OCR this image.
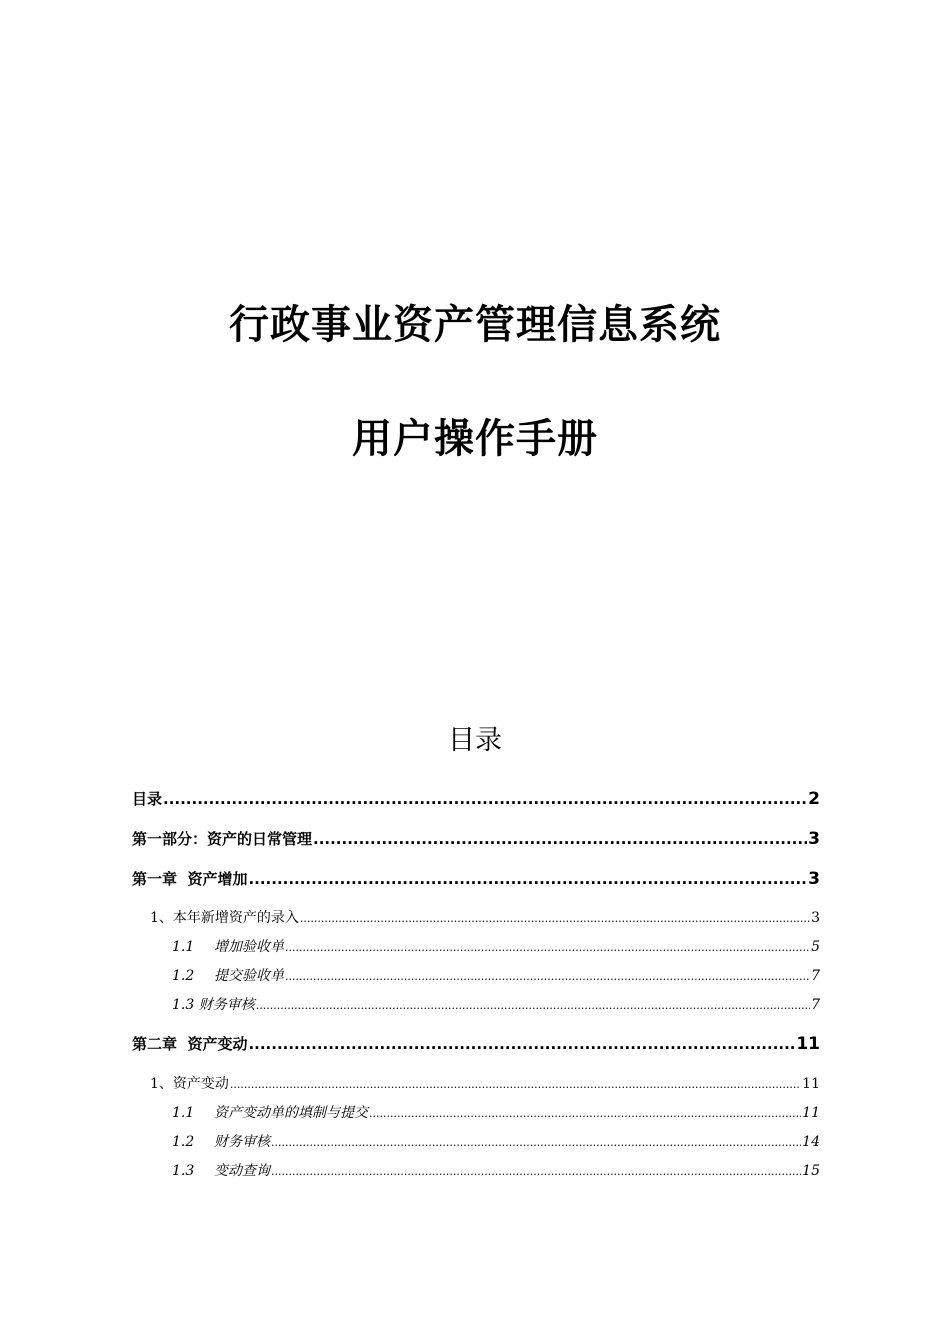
行政事业资产管理信息系统
用户操作手册
目录
目录 .....	2
第一部分：资产的日常管理 .....	3
第一章  资产增加 .....	3
1、本年新增资产的录入 .....	3
1.1	增加验收单 .....	5
1.2	提交验收单 .....	7
1.3 财务审核 .....	7
第二章  资产变动 .....	11
1、资产变动 .....	11
1.1	资产变动单的填制与提交 .....	11
1.2	财务审核 .....	14
1.3	变动查询 .....	15
